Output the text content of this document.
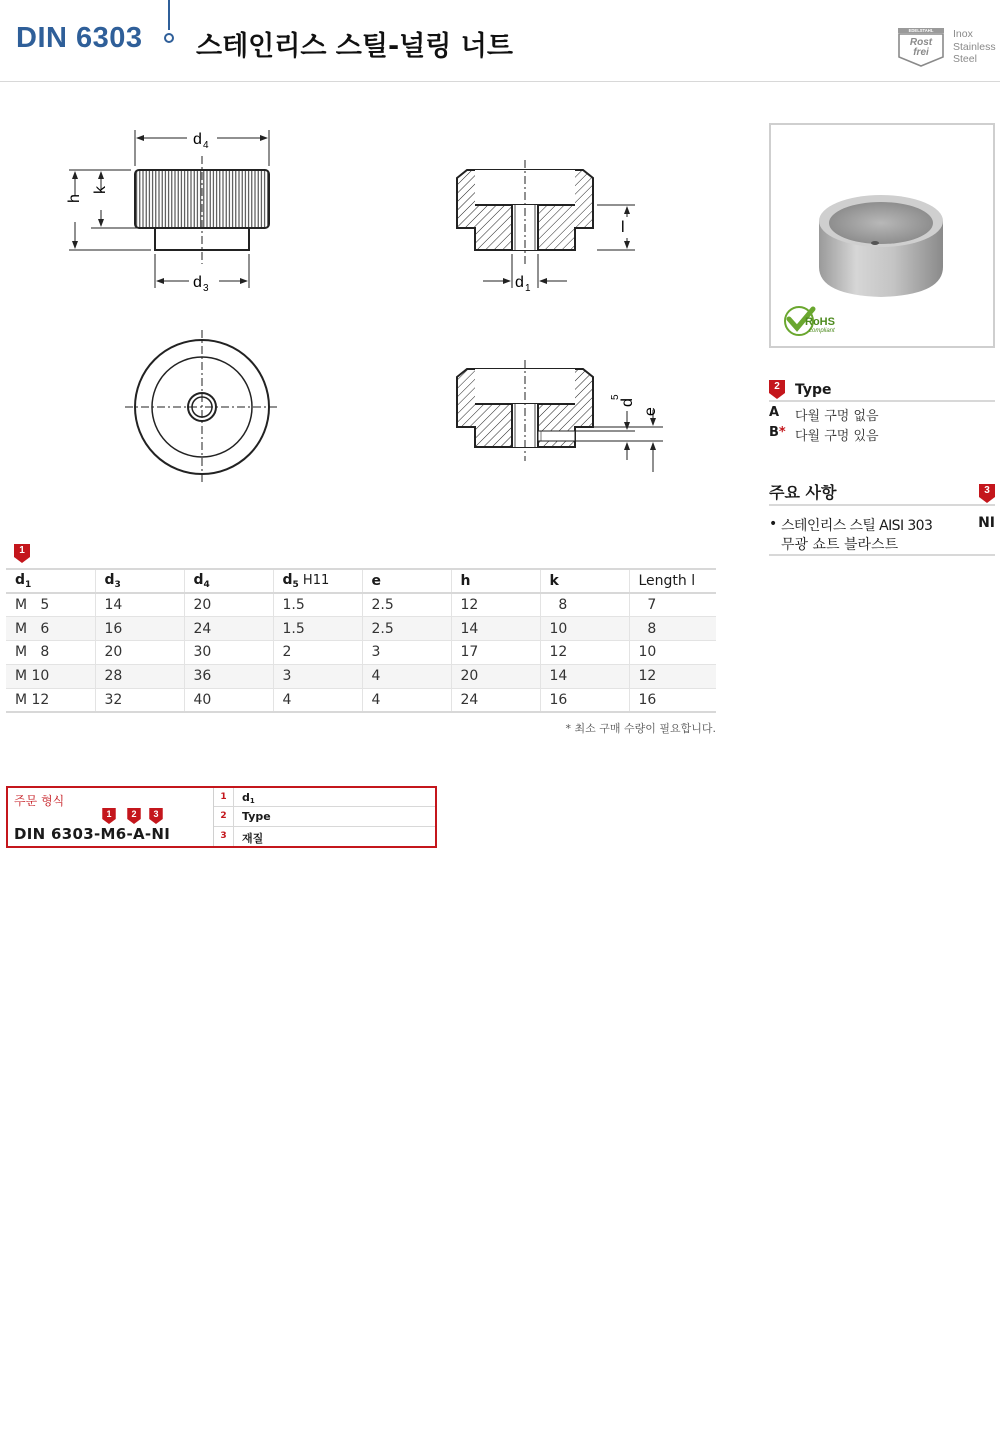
DIN 6303 스테인리스 스틸-널링 너트
EDELSTAHL
Rost
frei
Inox
Stainless
Steel
d 4
d 3
h
k
l
d 1
d
5
e
RoHS
compliant
2	Type
A 다월 구멍 없음
B* 다월 구멍 있음
주요 사항	3
• 스테인리스 스틸 AISI 303
무광 쇼트 블라스트
NI
1
$d_1$	$d_3$	$d_4$	$d_5$ H11	e	h	k	Length l
M   5	14	20	1.5	2.5	12	8	7
M   6	16	24	1.5	2.5	14	10	8
M   8	20	30	2	3	17	12	10
M 10	28	36	3	4	20	14	12
M 12	32	40	4	4	24	16	16
* 최소 구매 수량이 필요합니다.
주문 형식
1	2	3
DIN 6303-M6-A-NI
1	$d_1$
2	Type
3	재질
